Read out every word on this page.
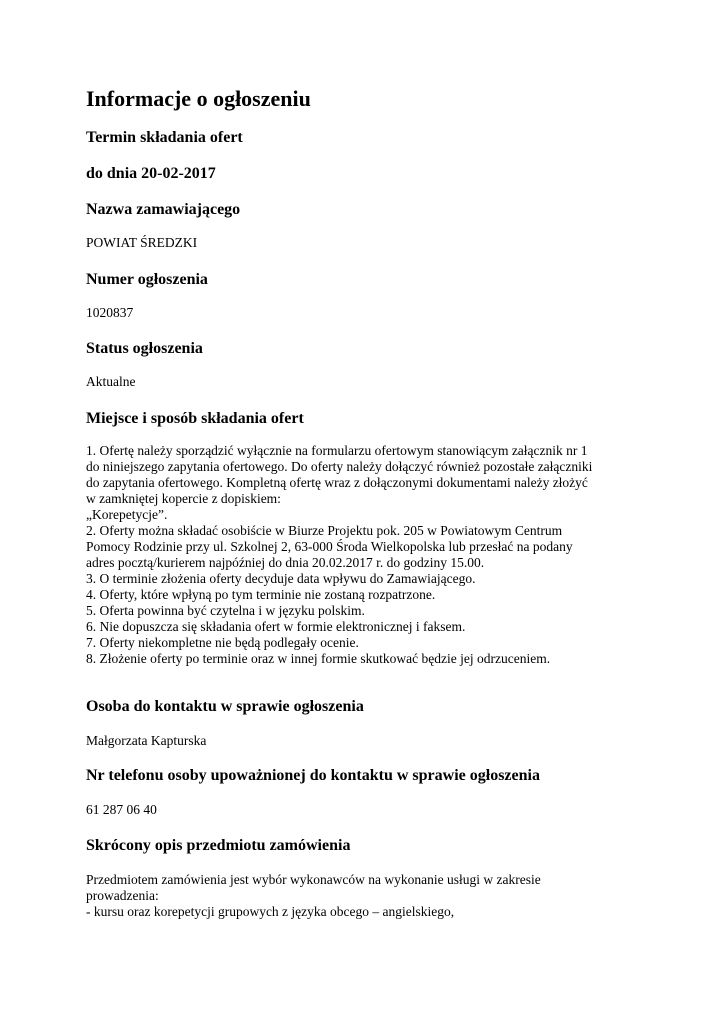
Informacje o ogłoszeniu
Termin składania ofert
do dnia 20-02-2017
Nazwa zamawiającego

POWIAT ŚREDZKI

Numer ogłoszenia

1020837

Status ogłoszenia

Aktualne

Miejsce i sposób składania ofert
1. Ofertę należy sporządzić wyłącznie na formularzu ofertowym stanowiącym załącznik nr 1
do niniejszego zapytania ofertowego. Do oferty należy dołączyć również pozostałe załączniki
do zapytania ofertowego. Kompletną ofertę wraz z dołączonymi dokumentami należy złożyć
w zamkniętej kopercie z dopiskiem:
„Korepetycje”.
2. Oferty można składać osobiście w Biurze Projektu pok. 205 w Powiatowym Centrum
Pomocy Rodzinie przy ul. Szkolnej 2, 63-000 Środa Wielkopolska lub przesłać na podany
adres pocztą/kurierem najpóźniej do dnia 20.02.2017 r. do godziny 15.00.
3. O terminie złożenia oferty decyduje data wpływu do Zamawiającego.
4. Oferty, które wpłyną po tym terminie nie zostaną rozpatrzone.
5. Oferta powinna być czytelna i w języku polskim.
6. Nie dopuszcza się składania ofert w formie elektronicznej i faksem.
7. Oferty niekompletne nie będą podlegały ocenie.
8. Złożenie oferty po terminie oraz w innej formie skutkować będzie jej odrzuceniem.
Osoba do kontaktu w sprawie ogłoszenia

Małgorzata Kapturska

Nr telefonu osoby upoważnionej do kontaktu w sprawie ogłoszenia

61 287 06 40

Skrócony opis przedmiotu zamówienia
Przedmiotem zamówienia jest wybór wykonawców na wykonanie usługi w zakresie
prowadzenia:
- kursu oraz korepetycji grupowych z języka obcego – angielskiego,
